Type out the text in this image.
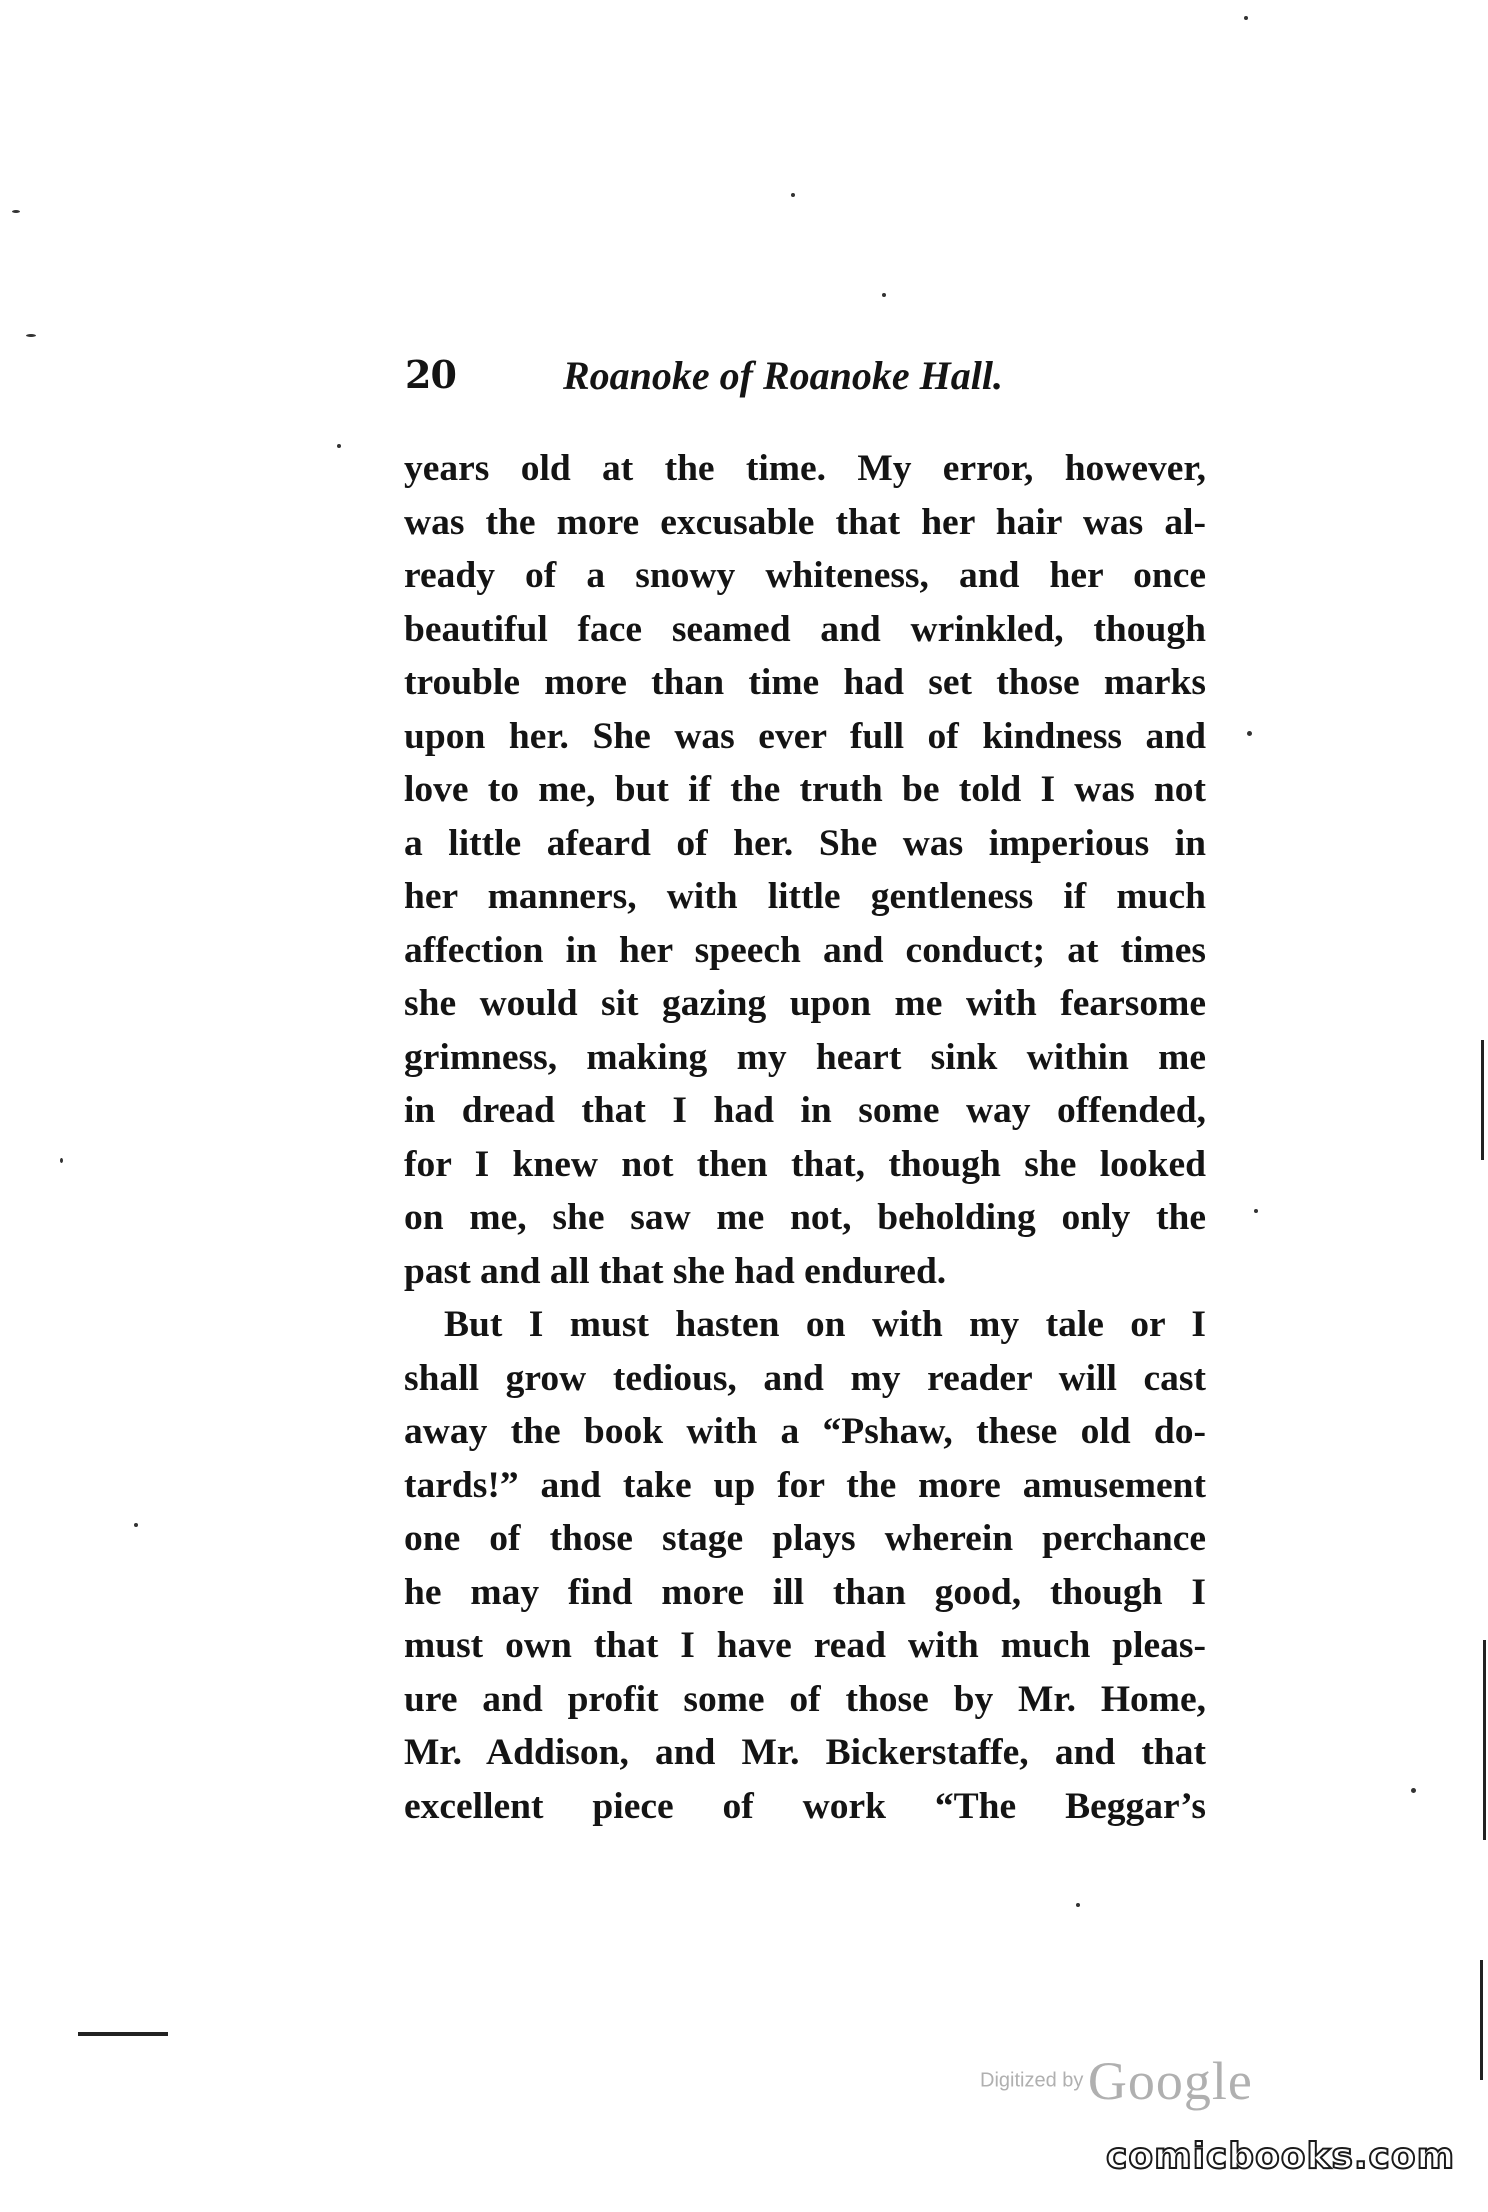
20	Roanoke of Roanoke Hall.
years old at the time. My error, however,
was the more excusable that her hair was al-
ready of a snowy whiteness, and her once
beautiful face seamed and wrinkled, though
trouble more than time had set those marks
upon her. She was ever full of kindness and
love to me, but if the truth be told I was not
a little afeard of her. She was imperious in
her manners, with little gentleness if much
affection in her speech and conduct; at times
she would sit gazing upon me with fearsome
grimness, making my heart sink within me
in dread that I had in some way offended,
for I knew not then that, though she looked
on me, she saw me not, beholding only the
past and all that she had endured.
But I must hasten on with my tale or I
shall grow tedious, and my reader will cast
away the book with a “Pshaw, these old do-
tards!” and take up for the more amusement
one of those stage plays wherein perchance
he may find more ill than good, though I
must own that I have read with much pleas-
ure and profit some of those by Mr. Home,
Mr. Addison, and Mr. Bickerstaffe, and that
excellent piece of work “The Beggar’s
Digitized by Google
comicbooks.com
